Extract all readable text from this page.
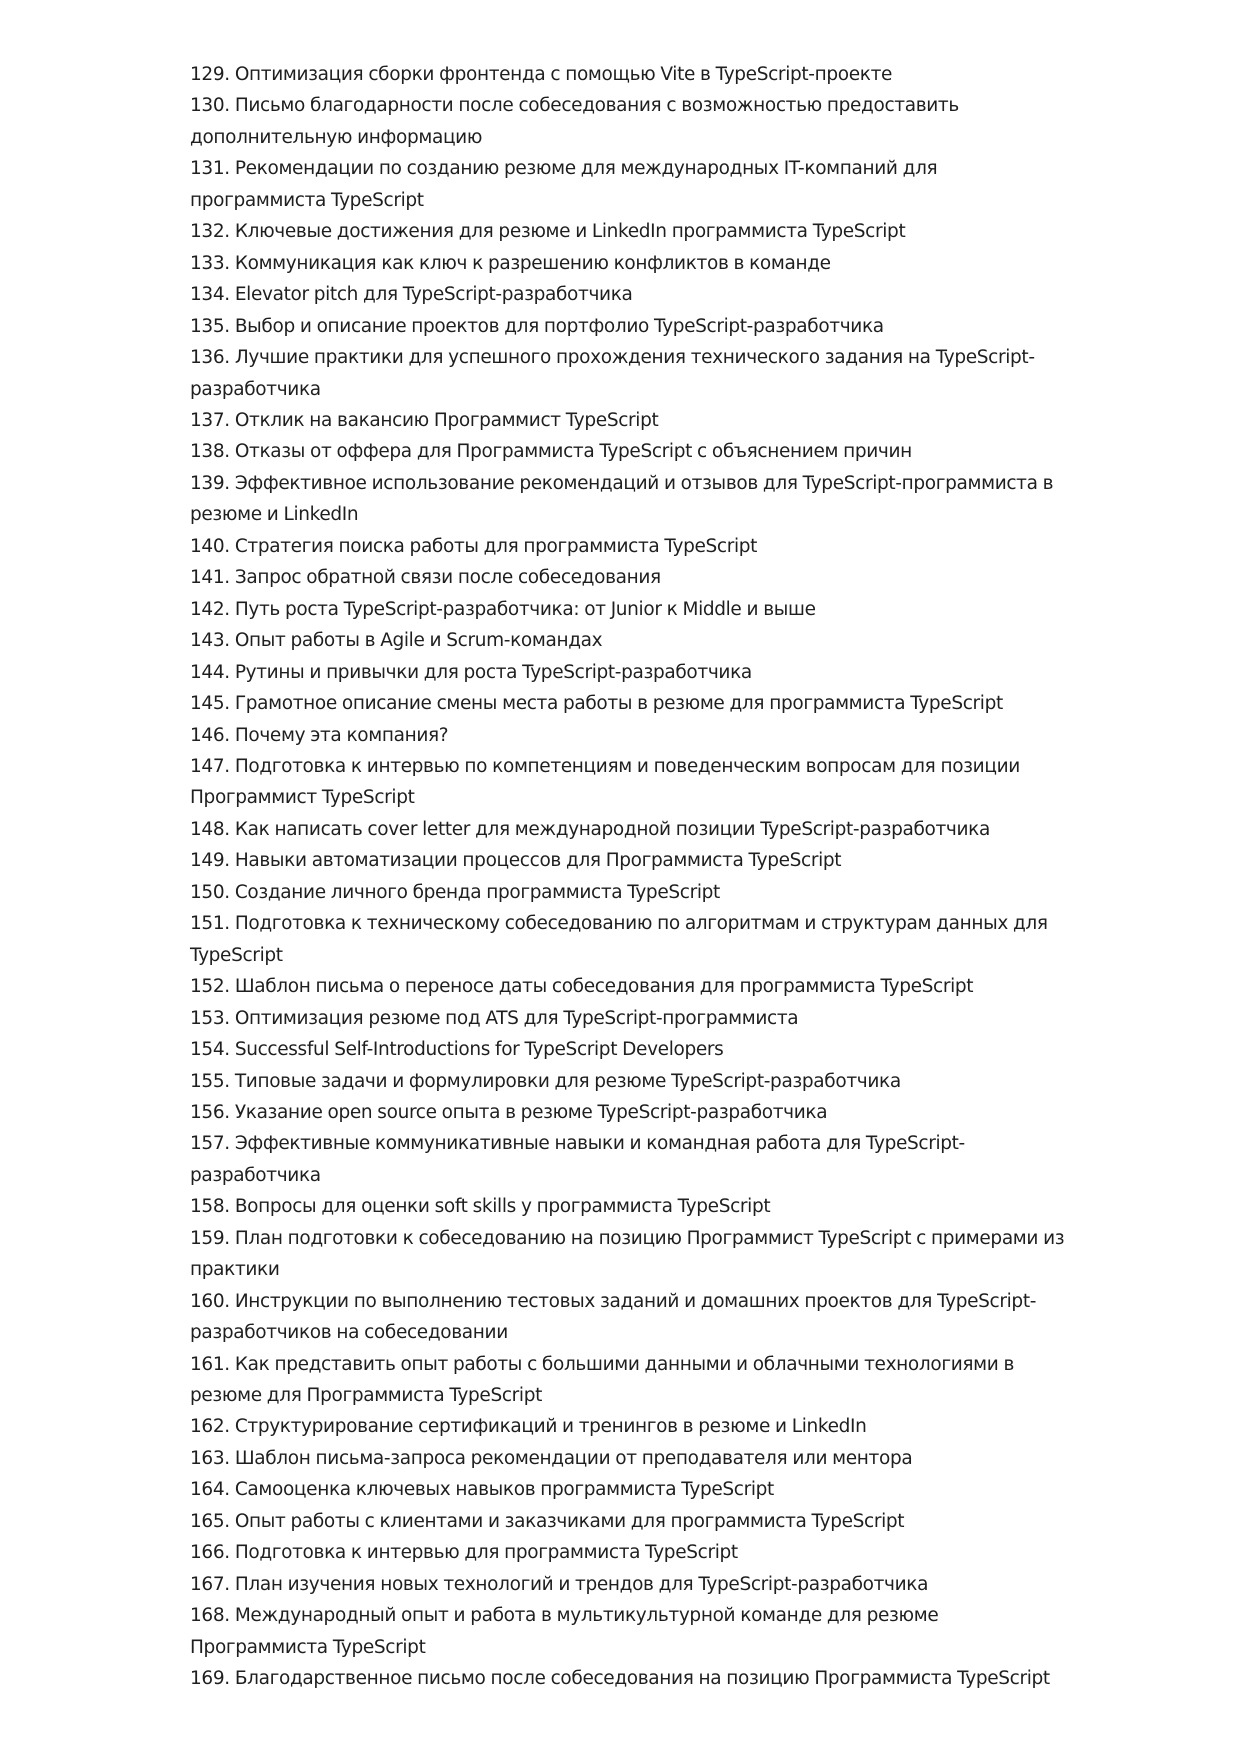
129. Оптимизация сборки фронтенда с помощью Vite в TypeScript-проекте
130. Письмо благодарности после собеседования с возможностью предоставить дополнительную информацию
131. Рекомендации по созданию резюме для международных IT-компаний для программиста TypeScript
132. Ключевые достижения для резюме и LinkedIn программиста TypeScript
133. Коммуникация как ключ к разрешению конфликтов в команде
134. Elevator pitch для TypeScript-разработчика
135. Выбор и описание проектов для портфолио TypeScript-разработчика
136. Лучшие практики для успешного прохождения технического задания на TypeScript-разработчика
137. Отклик на вакансию Программист TypeScript
138. Отказы от оффера для Программиста TypeScript с объяснением причин
139. Эффективное использование рекомендаций и отзывов для TypeScript-программиста в резюме и LinkedIn
140. Стратегия поиска работы для программиста TypeScript
141. Запрос обратной связи после собеседования
142. Путь роста TypeScript-разработчика: от Junior к Middle и выше
143. Опыт работы в Agile и Scrum-командах
144. Рутины и привычки для роста TypeScript-разработчика
145. Грамотное описание смены места работы в резюме для программиста TypeScript
146. Почему эта компания?
147. Подготовка к интервью по компетенциям и поведенческим вопросам для позиции Программист TypeScript
148. Как написать cover letter для международной позиции TypeScript-разработчика
149. Навыки автоматизации процессов для Программиста TypeScript
150. Создание личного бренда программиста TypeScript
151. Подготовка к техническому собеседованию по алгоритмам и структурам данных для TypeScript
152. Шаблон письма о переносе даты собеседования для программиста TypeScript
153. Оптимизация резюме под ATS для TypeScript-программиста
154. Successful Self-Introductions for TypeScript Developers
155. Типовые задачи и формулировки для резюме TypeScript-разработчика
156. Указание open source опыта в резюме TypeScript-разработчика
157. Эффективные коммуникативные навыки и командная работа для TypeScript-разработчика
158. Вопросы для оценки soft skills у программиста TypeScript
159. План подготовки к собеседованию на позицию Программист TypeScript с примерами из практики
160. Инструкции по выполнению тестовых заданий и домашних проектов для TypeScript-разработчиков на собеседовании
161. Как представить опыт работы с большими данными и облачными технологиями в резюме для Программиста TypeScript
162. Структурирование сертификаций и тренингов в резюме и LinkedIn
163. Шаблон письма-запроса рекомендации от преподавателя или ментора
164. Самооценка ключевых навыков программиста TypeScript
165. Опыт работы с клиентами и заказчиками для программиста TypeScript
166. Подготовка к интервью для программиста TypeScript
167. План изучения новых технологий и трендов для TypeScript-разработчика
168. Международный опыт и работа в мультикультурной команде для резюме Программиста TypeScript
169. Благодарственное письмо после собеседования на позицию Программиста TypeScript
